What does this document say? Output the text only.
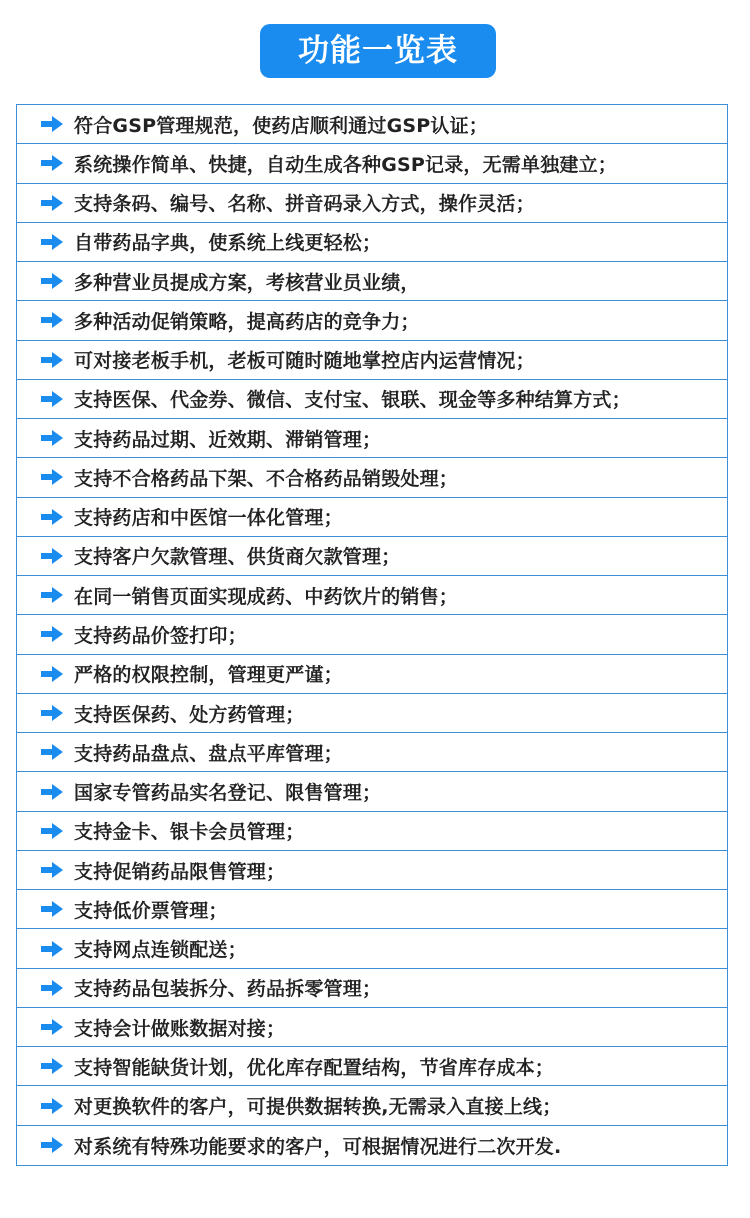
功能一览表
符合GSP管理规范，使药店顺利通过GSP认证；
系统操作简单、快捷，自动生成各种GSP记录，无需单独建立；
支持条码、编号、名称、拼音码录入方式，操作灵活；
自带药品字典，使系统上线更轻松；
多种营业员提成方案，考核营业员业绩，
多种活动促销策略，提高药店的竞争力；
可对接老板手机，老板可随时随地掌控店内运营情况；
支持医保、代金券、微信、支付宝、银联、现金等多种结算方式；
支持药品过期、近效期、滞销管理；
支持不合格药品下架、不合格药品销毁处理；
支持药店和中医馆一体化管理；
支持客户欠款管理、供货商欠款管理；
在同一销售页面实现成药、中药饮片的销售；
支持药品价签打印；
严格的权限控制，管理更严谨；
支持医保药、处方药管理；
支持药品盘点、盘点平库管理；
国家专管药品实名登记、限售管理；
支持金卡、银卡会员管理；
支持促销药品限售管理；
支持低价票管理；
支持网点连锁配送；
支持药品包装拆分、药品拆零管理；
支持会计做账数据对接；
支持智能缺货计划，优化库存配置结构，节省库存成本；
对更换软件的客户，可提供数据转换,无需录入直接上线；
对系统有特殊功能要求的客户，可根据情况进行二次开发.
